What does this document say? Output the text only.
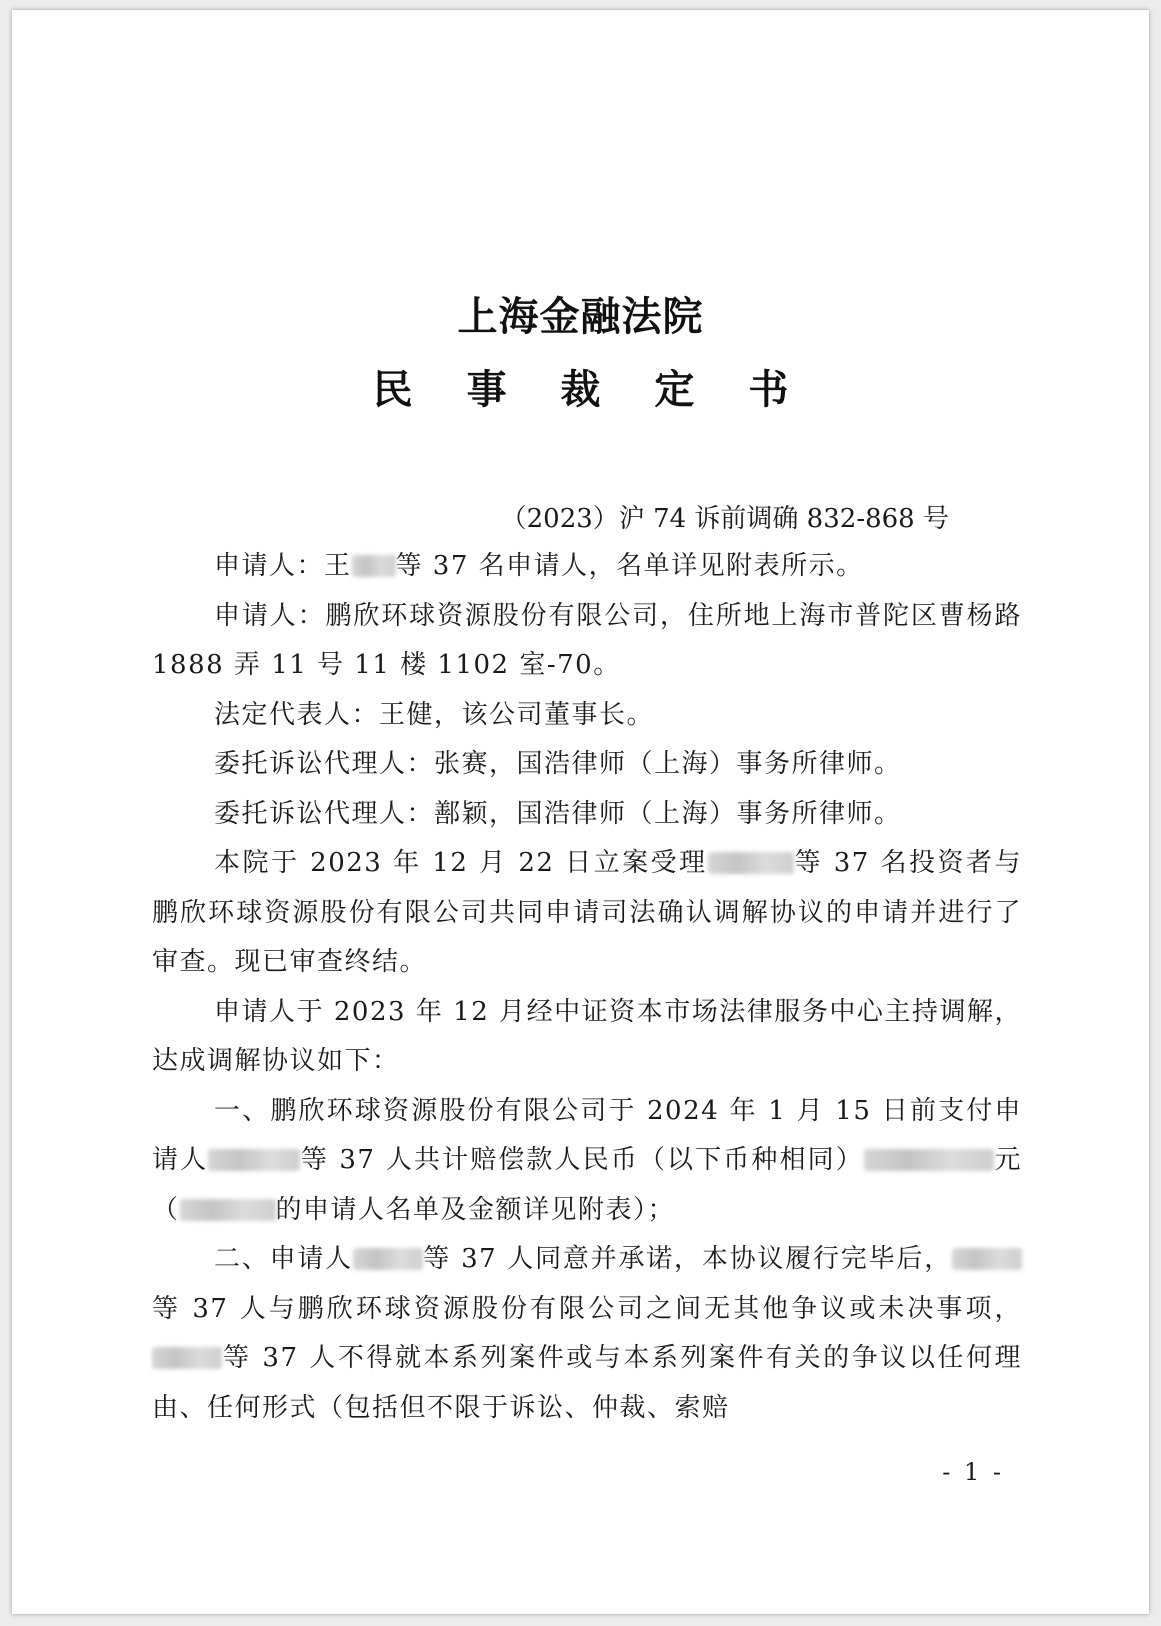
上海金融法院
民 事 裁 定 书
（2023）沪 74 诉前调确 832-868 号

申请人：王 等 37 名申请人，名单详见附表所示。

申请人：鹏欣环球资源股份有限公司，住所地上海市普陀区曹杨路 1888 弄 11 号 11 楼 1102 室-70。

法定代表人：王健，该公司董事长。

委托诉讼代理人：张赛，国浩律师（上海）事务所律师。

委托诉讼代理人：鄯颖，国浩律师（上海）事务所律师。

本院于 2023 年 12 月 22 日立案受理	等 37 名投资者与鹏欣环球资源股份有限公司共同申请司法确认调解协议的申请并进行了审查。现已审查终结。

申请人于 2023 年 12 月经中证资本市场法律服务中心主持调解，达成调解协议如下：

一、鹏欣环球资源股份有限公司于 2024 年 1 月 15 日前支付申请人	等 37 人共计赔偿款人民币（以下币种相同）	元（	的申请人名单及金额详见附表）；

二、申请人	等 37 人同意并承诺，本协议履行完毕后，等 37 人与鹏欣环球资源股份有限公司之间无其他争议或未决事项，等 37 人不得就本系列案件或与本系列案件有关的争议以任何理由、任何形式（包括但不限于诉讼、仲裁、索赔

- 1 -
